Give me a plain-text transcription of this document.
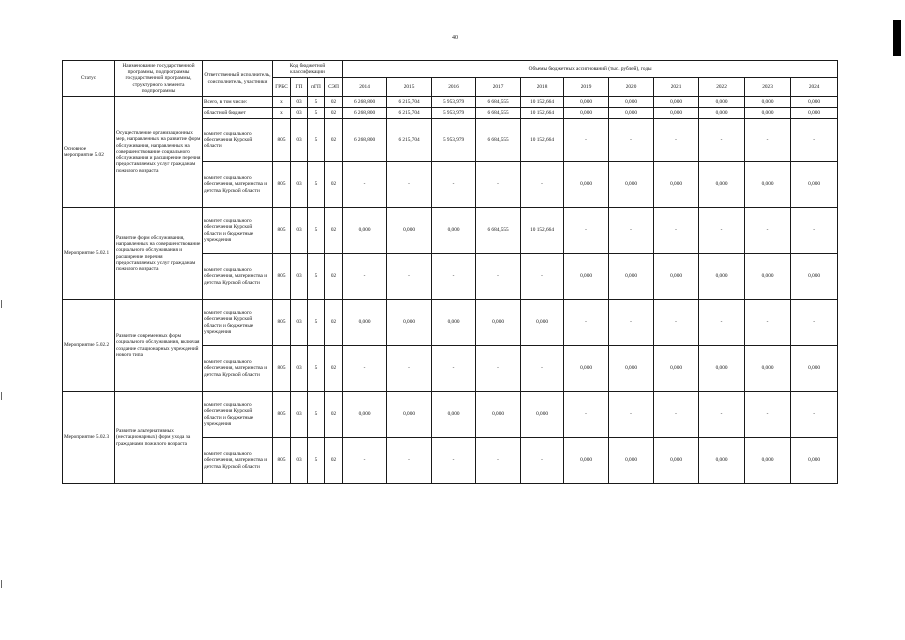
40
Статус	Наименование государственной программы, подпрограммы государственной программы, структурного элемента подпрограммы	Ответственный исполнитель, соисполнитель, участники	Код бюджетной классификации				Объемы бюджетных ассигнований (тыс. рублей), годы										
			ГРБС	ГП	пГП	СЭП	2014	2015	2016	2017	2018	2019	2020	2021	2022	2023	2024
Основное мероприятие 5.02	Осуществление организационных мер, направленных на развитие форм обслуживания, направленных на совершенствование социального обслуживания и расширение перечня предоставляемых услуг гражданам пожилого возраста	Всего, в том числе:	х	03	5	02	6 268,800	6 215,704	5 953,979	6 684,555	10 152,664	0,000	0,000	0,000	0,000	0,000	0,000
		областной бюджет	х	03	5	02	6 268,800	6 215,704	5 953,979	6 684,555	10 152,664	0,000	0,000	0,000	0,000	0,000	0,000
		комитет социального обеспечения Курской области	805	03	5	02	6 268,800	6 215,704	5 953,979	6 684,555	10 152,664	-	-	-	-	-	-
		комитет социального обеспечения, материнства и детства Курской области	805	03	5	02	-	-	-	-	-	0,000	0,000	0,000	0,000	0,000	0,000
Мероприятие 5.02.1	Развитие форм обслуживания, направленных на совершенствование социального обслуживания и расширение перечня предоставляемых услуг гражданам пожилого возраста	комитет социального обеспечения Курской области и бюджетные учреждения	805	03	5	02	0,000	0,000	0,000	6 684,555	10 152,664	-	-	-	-	-	-
		комитет социального обеспечения, материнства и детства Курской области	805	03	5	02	-	-	-	-	-	0,000	0,000	0,000	0,000	0,000	0,000
Мероприятие 5.02.2	Развитие современных форм социального обслуживания, включая создание стационарных учреждений нового типа	комитет социального обеспечения Курской области и бюджетные учреждения	805	03	5	02	0,000	0,000	0,000	0,000	0,000	-	-	-	-	-	-
		комитет социального обеспечения, материнства и детства Курской области	805	03	5	02	-	-	-	-	-	0,000	0,000	0,000	0,000	0,000	0,000
Мероприятие 5.02.3	Развитие альтернативных (нестационарных) форм ухода за гражданами пожилого возраста	комитет социального обеспечения Курской области и бюджетные учреждения	805	03	5	02	0,000	0,000	0,000	0,000	0,000	-	-	-	-	-	-
		комитет социального обеспечения, материнства и детства Курской области	805	03	5	02	-	-	-	-	-	0,000	0,000	0,000	0,000	0,000	0,000
